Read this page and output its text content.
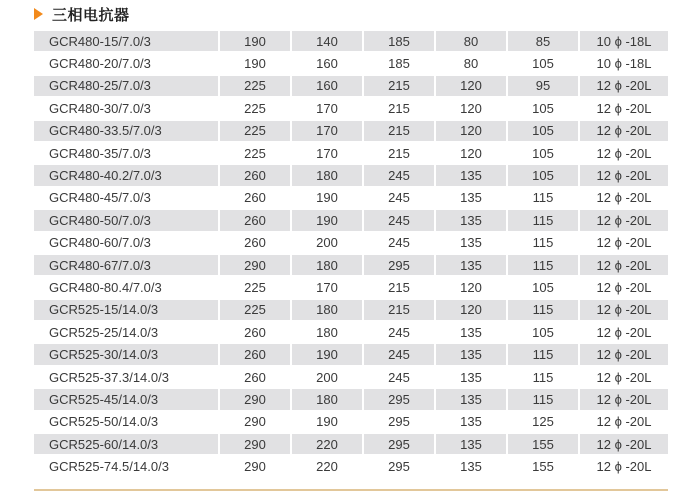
三相电抗器
GCR480-15/7.0/3	190	140	185	80	85	10 ϕ -18L
GCR480-20/7.0/3	190	160	185	80	105	10 ϕ -18L
GCR480-25/7.0/3	225	160	215	120	95	12 ϕ -20L
GCR480-30/7.0/3	225	170	215	120	105	12 ϕ -20L
GCR480-33.5/7.0/3	225	170	215	120	105	12 ϕ -20L
GCR480-35/7.0/3	225	170	215	120	105	12 ϕ -20L
GCR480-40.2/7.0/3	260	180	245	135	105	12 ϕ -20L
GCR480-45/7.0/3	260	190	245	135	115	12 ϕ -20L
GCR480-50/7.0/3	260	190	245	135	115	12 ϕ -20L
GCR480-60/7.0/3	260	200	245	135	115	12 ϕ -20L
GCR480-67/7.0/3	290	180	295	135	115	12 ϕ -20L
GCR480-80.4/7.0/3	225	170	215	120	105	12 ϕ -20L
GCR525-15/14.0/3	225	180	215	120	115	12 ϕ -20L
GCR525-25/14.0/3	260	180	245	135	105	12 ϕ -20L
GCR525-30/14.0/3	260	190	245	135	115	12 ϕ -20L
GCR525-37.3/14.0/3	260	200	245	135	115	12 ϕ -20L
GCR525-45/14.0/3	290	180	295	135	115	12 ϕ -20L
GCR525-50/14.0/3	290	190	295	135	125	12 ϕ -20L
GCR525-60/14.0/3	290	220	295	135	155	12 ϕ -20L
GCR525-74.5/14.0/3	290	220	295	135	155	12 ϕ -20L
